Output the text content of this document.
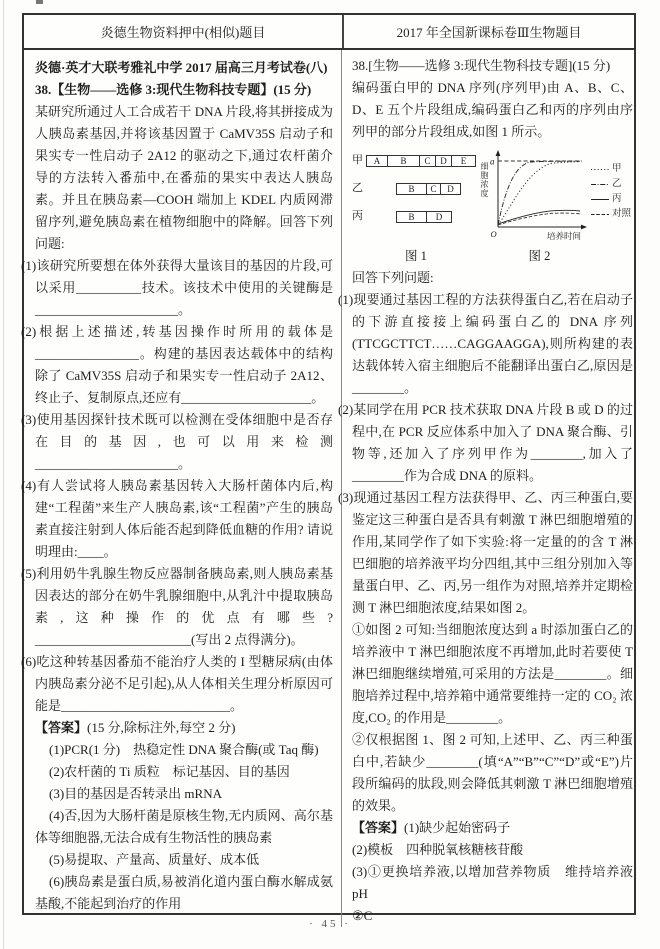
炎德生物资料押中(相似)题目	2017 年全国新课标卷Ⅲ生物题目

炎德·英才大联考雅礼中学 2017 届高三月考试卷(八)

38.【生物——选修 3:现代生物科技专题】(15 分)

某研究所通过人工合成若干 DNA 片段,将其拼接成为人胰岛素基因,并将该基因置于 CaMV35S 启动子和果实专一性启动子 2A12 的驱动之下,通过农杆菌介导的方法转入番茄中,在番茄的果实中表达人胰岛素。并且在胰岛素—COOH 端加上 KDEL 内质网滞留序列,避免胰岛素在植物细胞中的降解。回答下列问题:

(1)该研究所要想在体外获得大量该目的基因的片段,可以采用__________技术。该技术中使用的关键酶是______________________。

(2)根据上述描述,转基因操作时所用的载体是________________。构建的基因表达载体中的结构除了 CaMV35S 启动子和果实专一性启动子 2A12、终止子、复制原点,还应有____________________。

(3)使用基因探针技术既可以检测在受体细胞中是否存在目的基因,也可以用来检测______________________。

(4)有人尝试将人胰岛素基因转入大肠杆菌体内后,构建“工程菌”来生产人胰岛素,该“工程菌”产生的胰岛素直接注射到人体后能否起到降低血糖的作用? 请说明理由:____。

(5)利用奶牛乳腺生物反应器制备胰岛素,则人胰岛素基因表达的部分在奶牛乳腺细胞中,从乳汁中提取胰岛素,这种操作的优点有哪些? ________________________(写出 2 点得满分)。

(6)吃这种转基因番茄不能治疗人类的 I 型糖尿病(由体内胰岛素分泌不足引起),从人体相关生理分析原因可能是__________________________。

【答案】(15 分,除标注外,每空 2 分)

(1)PCR(1 分)　热稳定性 DNA 聚合酶(或 Taq 酶)

(2)农杆菌的 Ti 质粒　标记基因、目的基因

(3)目的基因是否转录出 mRNA

(4)否,因为大肠杆菌是原核生物,无内质网、高尔基体等细胞器,无法合成有生物活性的胰岛素

(5)易提取、产量高、质量好、成本低

(6)胰岛素是蛋白质,易被消化道内蛋白酶水解成氨基酸,不能起到治疗的作用

38.[生物——选修 3:现代生物科技专题](15 分)

编码蛋白甲的 DNA 序列(序列甲)由 A、B、C、D、E 五个片段组成,编码蛋白乙和丙的序列由序列甲的部分片段组成,如图 1 所示。

甲	A	B	C	D	E
乙	B	C	D
丙	B	D
细胞浓度
a
O	培养时间
甲
乙
丙
对照
图 1	图 2

回答下列问题:

(1)现要通过基因工程的方法获得蛋白乙,若在启动子的下游直接接上编码蛋白乙的 DNA 序列(TTCGCTTCT……CAGGAAGGA),则所构建的表达载体转入宿主细胞后不能翻译出蛋白乙,原因是________。

(2)某同学在用 PCR 技术获取 DNA 片段 B 或 D 的过程中,在 PCR 反应体系中加入了 DNA 聚合酶、引物等,还加入了序列甲作为________,加入了________作为合成 DNA 的原料。

(3)现通过基因工程方法获得甲、乙、丙三种蛋白,要鉴定这三种蛋白是否具有刺激 T 淋巴细胞增殖的作用,某同学作了如下实验:将一定量的的含 T 淋巴细胞的培养液平均分四组,其中三组分别加入等量蛋白甲、乙、丙,另一组作为对照,培养并定期检测 T 淋巴细胞浓度,结果如图 2。

①如图 2 可知:当细胞浓度达到 a 时添加蛋白乙的培养液中 T 淋巴细胞浓度不再增加,此时若要使 T 淋巴细胞继续增殖,可采用的方法是________。细胞培养过程中,培养箱中通常要维持一定的 CO₂ 浓度,CO₂ 的作用是________。

②仅根据图 1、图 2 可知,上述甲、乙、丙三种蛋白中,若缺少________(填“A”“B”“C”“D”或“E”)片段所编码的肽段,则会降低其刺激 T 淋巴细胞增殖的效果。

【答案】(1)缺少起始密码子

(2)模板　四种脱氧核糖核苷酸

(3)①更换培养液,以增加营养物质　维持培养液 pH

②C

· 45 ·
